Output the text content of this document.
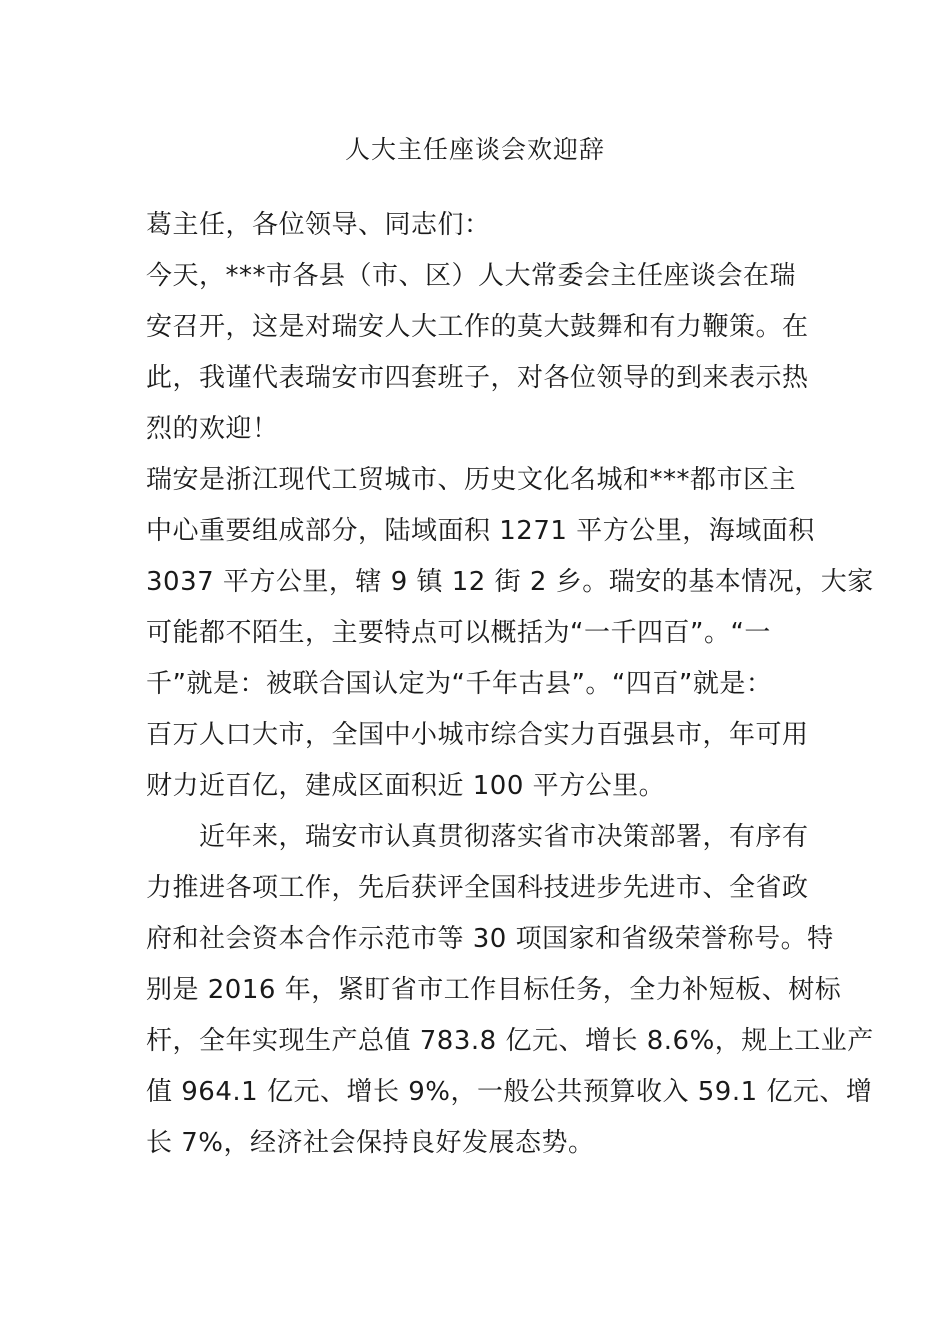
人大主任座谈会欢迎辞
葛主任，各位领导、同志们：
今天，***市各县（市、区）人大常委会主任座谈会在瑞
安召开，这是对瑞安人大工作的莫大鼓舞和有力鞭策。在
此，我谨代表瑞安市四套班子，对各位领导的到来表示热
烈的欢迎！
瑞安是浙江现代工贸城市、历史文化名城和***都市区主
中心重要组成部分，陆域面积 1271 平方公里，海域面积
3037 平方公里，辖 9 镇 12 街 2 乡。瑞安的基本情况，大家
可能都不陌生，主要特点可以概括为“一千四百”。“一
千”就是：被联合国认定为“千年古县”。“四百”就是：
百万人口大市，全国中小城市综合实力百强县市，年可用
财力近百亿，建成区面积近 100 平方公里。
　　近年来，瑞安市认真贯彻落实省市决策部署，有序有
力推进各项工作，先后获评全国科技进步先进市、全省政
府和社会资本合作示范市等 30 项国家和省级荣誉称号。特
别是 2016 年，紧盯省市工作目标任务，全力补短板、树标
杆，全年实现生产总值 783.8 亿元、增长 8.6%，规上工业产
值 964.1 亿元、增长 9%，一般公共预算收入 59.1 亿元、增
长 7%，经济社会保持良好发展态势。
